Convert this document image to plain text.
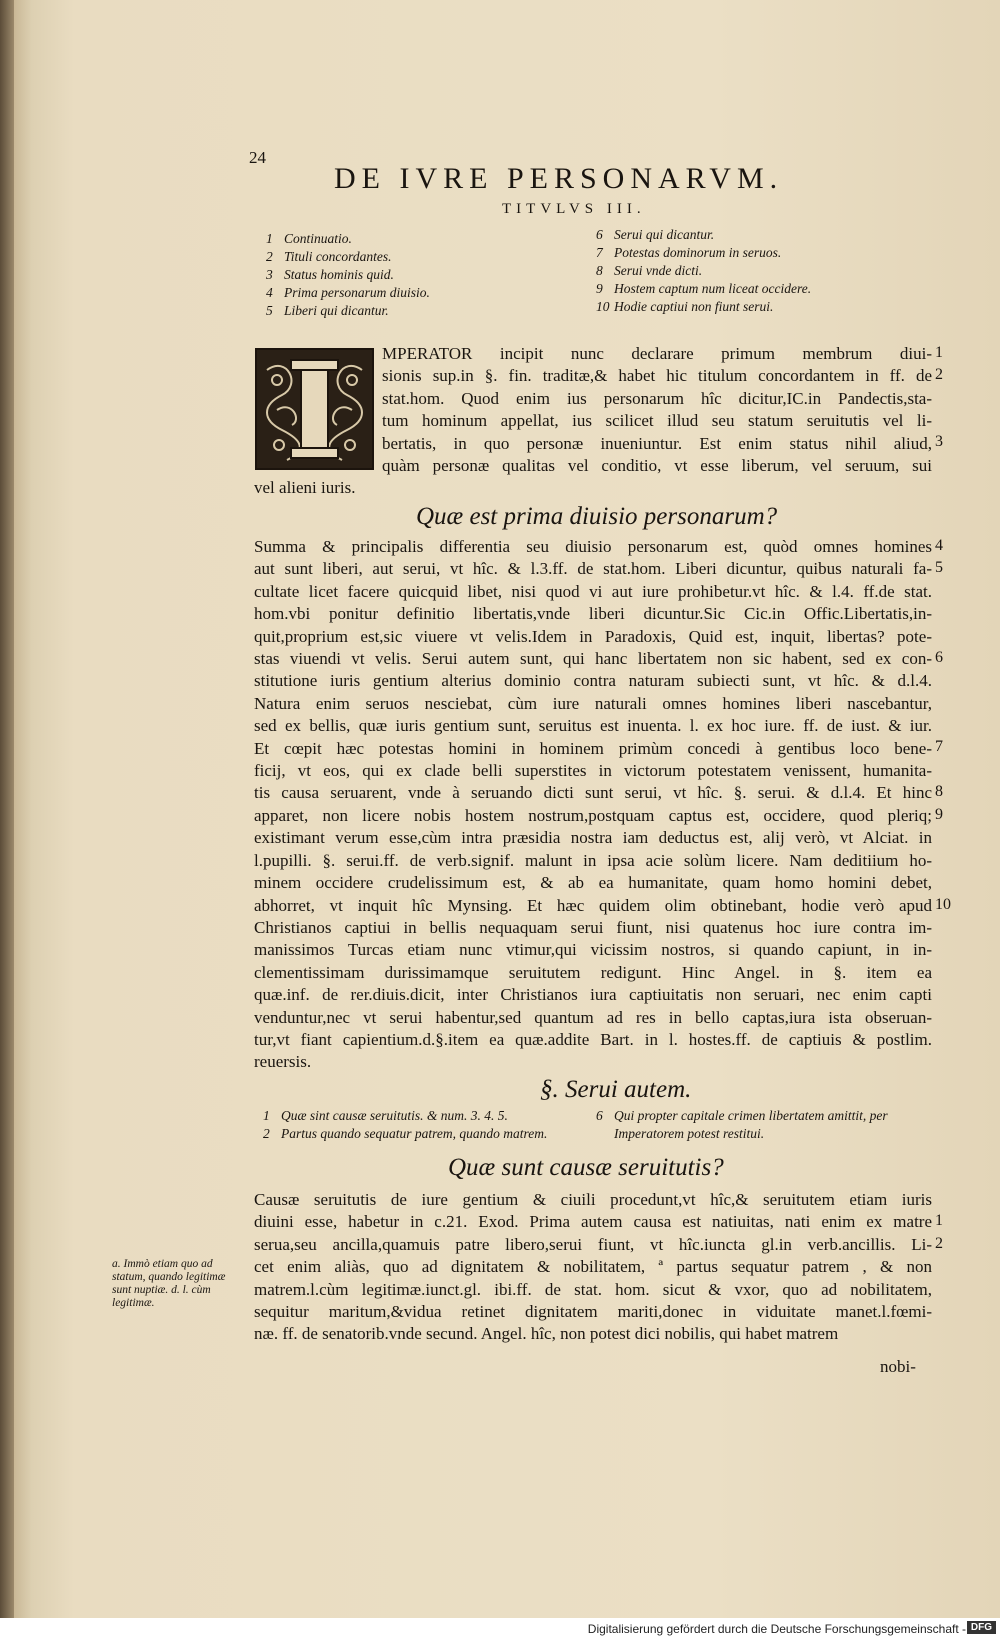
24
DE IVRE PERSONARVM.
TITVLVS III.
1 Continuatio.
2 Tituli concordantes.
3 Status hominis quid.
4 Prima personarum diuisio.
5 Liberi qui dicantur.
6 Serui qui dicantur.
7 Potestas dominorum in seruos.
8 Serui vnde dicti.
9 Hostem captum num liceat occidere.
10 Hodie captiui non fiunt serui.
MPERATOR incipit nunc declarare primum membrum diui-
sionis sup.in §. fin. traditæ,& habet hic titulum concordantem in ff. de
stat.hom. Quod enim ius personarum hîc dicitur,IC.in Pandectis,sta-
tum hominum appellat, ius scilicet illud seu statum seruitutis vel li-
bertatis, in quo personæ inueniuntur. Est enim status nihil aliud,
quàm personæ qualitas vel conditio, vt esse liberum, vel seruum, sui
vel alieni iuris.
Quæ est prima diuisio personarum?
Summa & principalis differentia seu diuisio personarum est, quòd omnes homines
aut sunt liberi, aut serui, vt hîc. & l.3.ff. de stat.hom. Liberi dicuntur, quibus naturali fa-
cultate licet facere quicquid libet, nisi quod vi aut iure prohibetur.vt hîc. & l.4. ff.de stat.
hom.vbi ponitur definitio libertatis,vnde liberi dicuntur.Sic Cic.in Offic.Libertatis,in-
quit,proprium est,sic viuere vt velis.Idem in Paradoxis, Quid est, inquit, libertas? pote-
stas viuendi vt velis. Serui autem sunt, qui hanc libertatem non sic habent, sed ex con-
stitutione iuris gentium alterius dominio contra naturam subiecti sunt, vt hîc. & d.l.4.
Natura enim seruos nesciebat, cùm iure naturali omnes homines liberi nascebantur,
sed ex bellis, quæ iuris gentium sunt, seruitus est inuenta. l. ex hoc iure. ff. de iust. & iur.
Et cœpit hæc potestas homini in hominem primùm concedi à gentibus loco bene-
ficij, vt eos, qui ex clade belli superstites in victorum potestatem venissent, humanita-
tis causa seruarent, vnde à seruando dicti sunt serui, vt hîc. §. serui. & d.l.4. Et hinc
apparet, non licere nobis hostem nostrum,postquam captus est, occidere, quod pleriq;
existimant verum esse,cùm intra præsidia nostra iam deductus est, alij verò, vt Alciat. in
l.pupilli. §. serui.ff. de verb.signif. malunt in ipsa acie solùm licere. Nam deditiium ho-
minem occidere crudelissimum est, & ab ea humanitate, quam homo homini debet,
abhorret, vt inquit hîc Mynsing. Et hæc quidem olim obtinebant, hodie verò apud
Christianos captiui in bellis nequaquam serui fiunt, nisi quatenus hoc iure contra im-
manissimos Turcas etiam nunc vtimur,qui vicissim nostros, si quando capiunt, in in-
clementissimam durissimamque seruitutem redigunt. Hinc Angel. in §. item ea
quæ.inf. de rer.diuis.dicit, inter Christianos iura captiuitatis non seruari, nec enim capti
venduntur,nec vt serui habentur,sed quantum ad res in bello captas,iura ista obseruan-
tur,vt fiant capientium.d.§.item ea quæ.addite Bart. in l. hostes.ff. de captiuis & postlim.
reuersis.
§. Serui autem.
1 Quæ sint causæ seruitutis. & num. 3. 4. 5.
2 Partus quando sequatur patrem, quando matrem.
6 Qui propter capitale crimen libertatem amittit, per
Imperatorem potest restitui.
Quæ sunt causæ seruitutis?
Causæ seruitutis de iure gentium & ciuili procedunt,vt hîc,& seruitutem etiam iuris
diuini esse, habetur in c.21. Exod. Prima autem causa est natiuitas, nati enim ex matre
serua,seu ancilla,quamuis patre libero,serui fiunt, vt hîc.iuncta gl.in verb.ancillis. Li-
cet enim aliàs, quo ad dignitatem & nobilitatem, ª partus sequatur patrem , & non
matrem.l.cùm legitimæ.iunct.gl. ibi.ff. de stat. hom. sicut & vxor, quo ad nobilitatem,
sequitur maritum,&vidua retinet dignitatem mariti,donec in viduitate manet.l.fœmi-
næ. ff. de senatorib.vnde secund. Angel. hîc, non potest dici nobilis, qui habet matrem
nobi-
a. Immò etiam quo ad statum, quando legitimæ sunt nuptiæ. d. l. cùm legitimæ.
1
2
3
4
5
6
7
8
9
10
1
2
Digitalisierung gefördert durch die Deutsche Forschungsgemeinschaft - DFG
